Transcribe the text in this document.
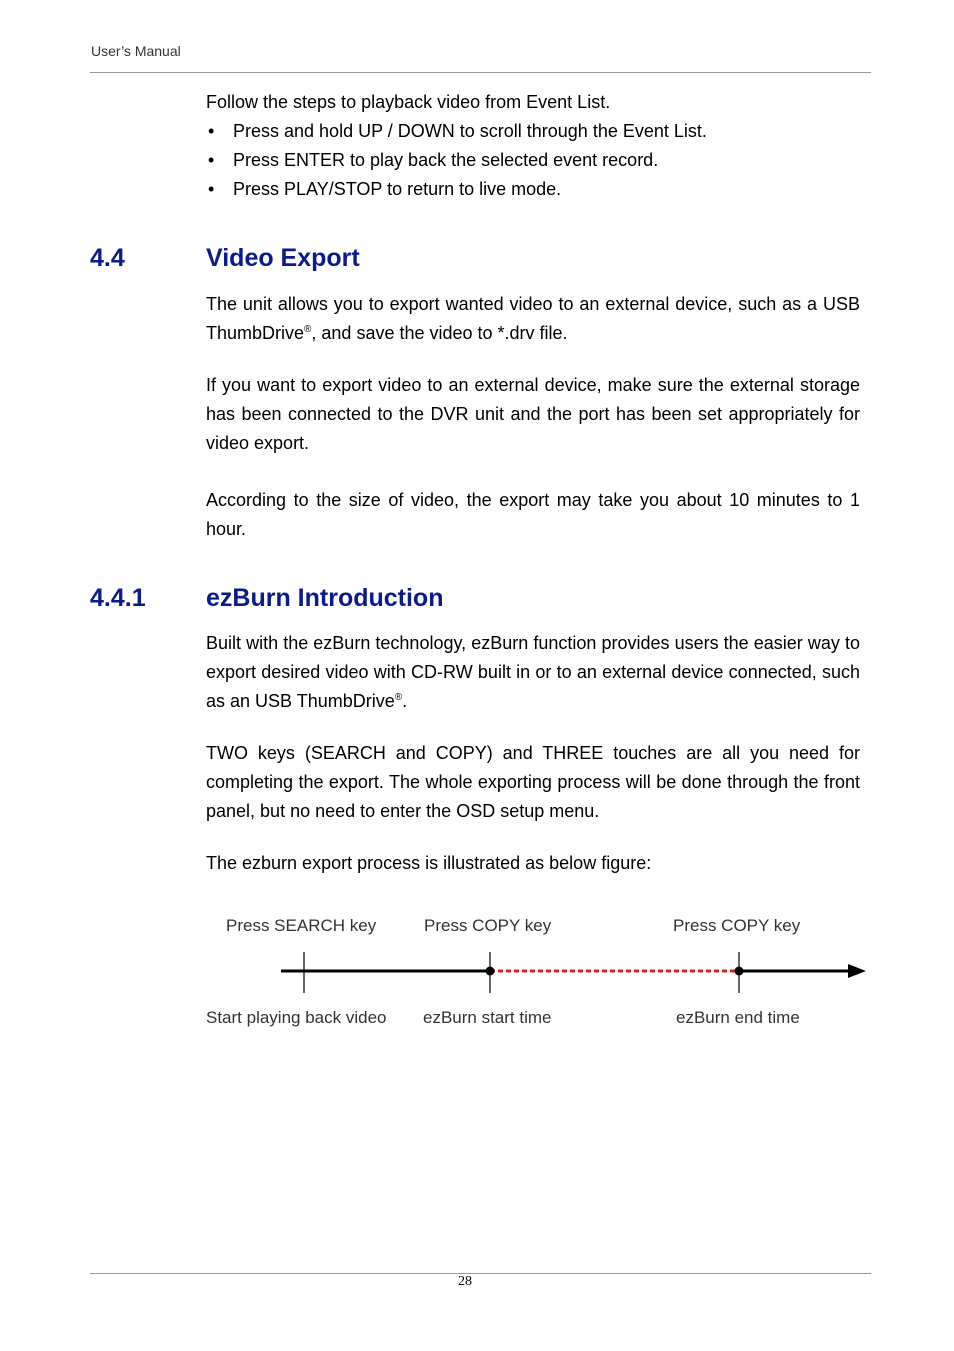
User’s Manual

Follow the steps to playback video from Event List.

• Press and hold UP / DOWN to scroll through the Event List.
• Press ENTER to play back the selected event record.
• Press PLAY/STOP to return to live mode.
4.4	Video Export

The unit allows you to export wanted video to an external device, such as a USB ThumbDrive®, and save the video to *.drv file.

If you want to export video to an external device, make sure the external storage has been connected to the DVR unit and the port has been set appropriately for video export.

According to the size of video, the export may take you about 10 minutes to 1 hour.

4.4.1 ezBurn Introduction

Built with the ezBurn technology, ezBurn function provides users the easier way to export desired video with CD-RW built in or to an external device connected, such as an USB ThumbDrive®.

TWO keys (SEARCH and COPY) and THREE touches are all you need for completing the export. The whole exporting process will be done through the front panel, but no need to enter the OSD setup menu.

The ezburn export process is illustrated as below figure:

Press SEARCH key	Press COPY key	Press COPY key
Start playing back video ezBurn start time	ezBurn end time
28
